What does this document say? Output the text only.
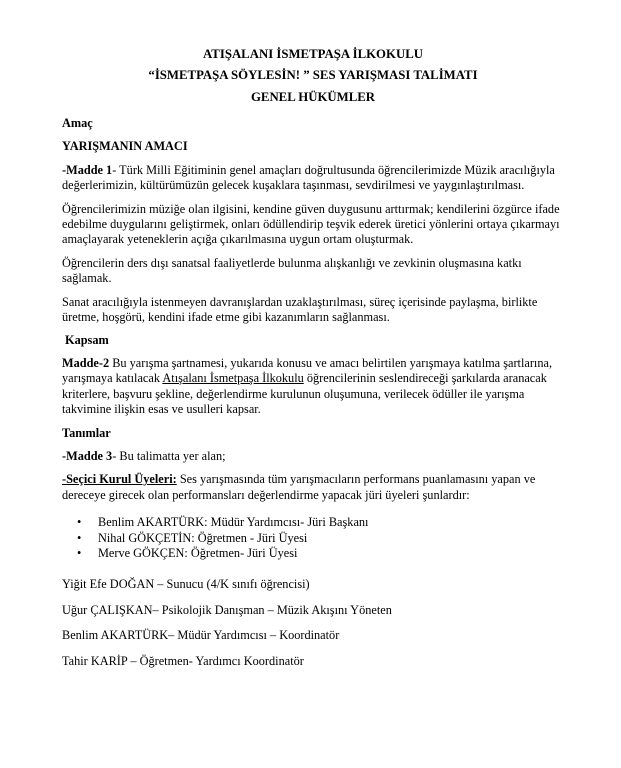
ATIŞALANI İSMETPAŞA İLKOKULU

“İSMETPAŞA SÖYLESİN! ” SES YARIŞMASI TALİMATI

GENEL HÜKÜMLER

Amaç

YARIŞMANIN AMACI

-Madde 1- Türk Milli Eğitiminin genel amaçları doğrultusunda öğrencilerimizde Müzik aracılığıyla değerlerimizin, kültürümüzün gelecek kuşaklara taşınması, sevdirilmesi ve yaygınlaştırılması.

Öğrencilerimizin müziğe olan ilgisini, kendine güven duygusunu arttırmak; kendilerini özgürce ifade edebilme duygularını geliştirmek, onları ödüllendirip teşvik ederek üretici yönlerini ortaya çıkarmayı amaçlayarak yeteneklerin açığa çıkarılmasına uygun ortam oluşturmak.

Öğrencilerin ders dışı sanatsal faaliyetlerde bulunma alışkanlığı ve zevkinin oluşmasına katkı sağlamak.

Sanat aracılığıyla istenmeyen davranışlardan uzaklaştırılması, süreç içerisinde paylaşma, birlikte üretme, hoşgörü, kendini ifade etme gibi kazanımların sağlanması.

Kapsam

Madde-2 Bu yarışma şartnamesi, yukarıda konusu ve amacı belirtilen yarışmaya katılma şartlarına, yarışmaya katılacak Atışalanı İsmetpaşa İlkokulu öğrencilerinin seslendireceği şarkılarda aranacak kriterlere, başvuru şekline, değerlendirme kurulunun oluşumuna, verilecek ödüller ile yarışma takvimine ilişkin esas ve usulleri kapsar.

Tanımlar

-Madde 3- Bu talimatta yer alan;

-Seçici Kurul Üyeleri: Ses yarışmasında tüm yarışmacıların performans puanlamasını yapan ve dereceye girecek olan performansları değerlendirme yapacak jüri üyeleri şunlardır:

• Benlim AKARTÜRK: Müdür Yardımcısı- Jüri Başkanı
• Nihal GÖKÇETİN: Öğretmen - Jüri Üyesi
• Merve GÖKÇEN: Öğretmen- Jüri Üyesi

Yiğit Efe DOĞAN – Sunucu (4/K sınıfı öğrencisi)

Uğur ÇALIŞKAN– Psikolojik Danışman – Müzik Akışını Yöneten

Benlim AKARTÜRK– Müdür Yardımcısı – Koordinatör

Tahir KARİP – Öğretmen- Yardımcı Koordinatör
